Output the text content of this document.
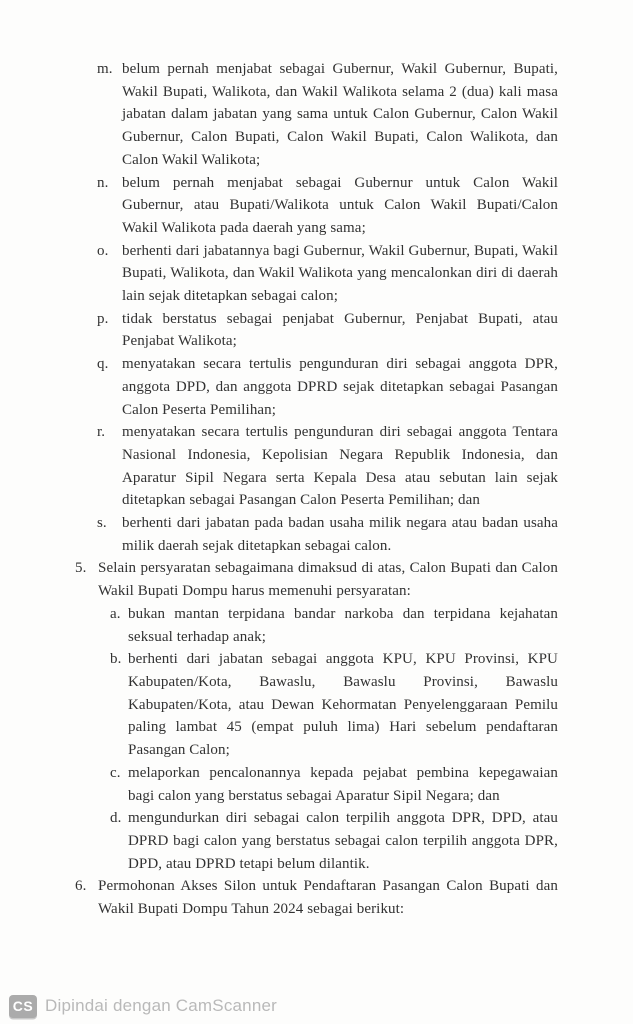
m. belum pernah menjabat sebagai Gubernur, Wakil Gubernur, Bupati, Wakil Bupati, Walikota, dan Wakil Walikota selama 2 (dua) kali masa jabatan dalam jabatan yang sama untuk Calon Gubernur, Calon Wakil Gubernur, Calon Bupati, Calon Wakil Bupati, Calon Walikota, dan Calon Wakil Walikota;
n. belum pernah menjabat sebagai Gubernur untuk Calon Wakil Gubernur, atau Bupati/Walikota untuk Calon Wakil Bupati/Calon Wakil Walikota pada daerah yang sama;
o. berhenti dari jabatannya bagi Gubernur, Wakil Gubernur, Bupati, Wakil Bupati, Walikota, dan Wakil Walikota yang mencalonkan diri di daerah lain sejak ditetapkan sebagai calon;
p. tidak berstatus sebagai penjabat Gubernur, Penjabat Bupati, atau Penjabat Walikota;
q. menyatakan secara tertulis pengunduran diri sebagai anggota DPR, anggota DPD, dan anggota DPRD sejak ditetapkan sebagai Pasangan Calon Peserta Pemilihan;
r.	menyatakan secara tertulis pengunduran diri sebagai anggota Tentara Nasional Indonesia, Kepolisian Negara Republik Indonesia, dan Aparatur Sipil Negara serta Kepala Desa atau sebutan lain sejak ditetapkan sebagai Pasangan Calon Peserta Pemilihan; dan
s.	berhenti dari jabatan pada badan usaha milik negara atau badan usaha milik daerah sejak ditetapkan sebagai calon.
5. Selain persyaratan sebagaimana dimaksud di atas, Calon Bupati dan Calon Wakil Bupati Dompu harus memenuhi persyaratan:
a. bukan mantan terpidana bandar narkoba dan terpidana kejahatan seksual terhadap anak;
b. berhenti dari jabatan sebagai anggota KPU, KPU Provinsi, KPU Kabupaten/Kota, Bawaslu, Bawaslu Provinsi, Bawaslu Kabupaten/Kota, atau Dewan Kehormatan Penyelenggaraan Pemilu paling lambat 45 (empat puluh lima) Hari sebelum pendaftaran Pasangan Calon;
c. melaporkan pencalonannya kepada pejabat pembina kepegawaian bagi calon yang berstatus sebagai Aparatur Sipil Negara; dan
d. mengundurkan diri sebagai calon terpilih anggota DPR, DPD, atau DPRD bagi calon yang berstatus sebagai calon terpilih anggota DPR, DPD, atau DPRD tetapi belum dilantik.
6. Permohonan Akses Silon untuk Pendaftaran Pasangan Calon Bupati dan Wakil Bupati Dompu Tahun 2024 sebagai berikut:
CS Dipindai dengan CamScanner
